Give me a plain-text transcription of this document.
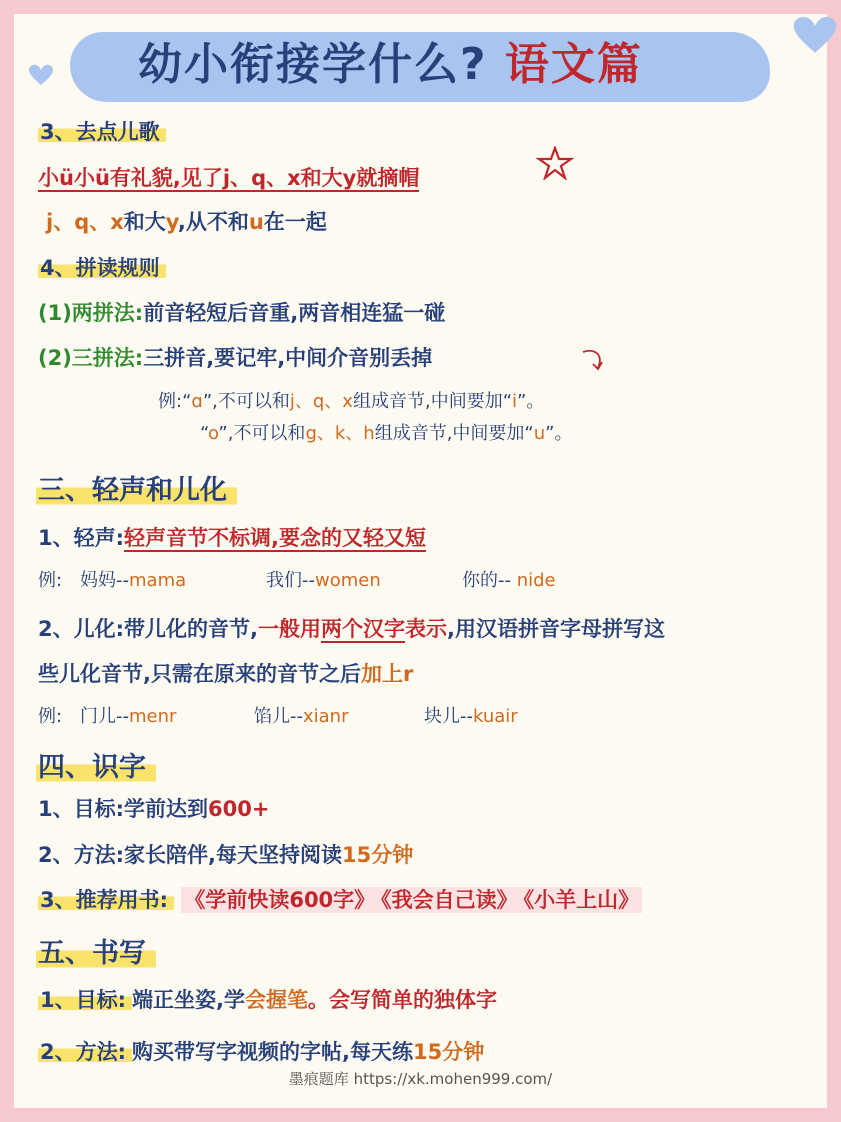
幼小衔接学什么? 语文篇
3、去点儿歌
小ü小ü有礼貌,见了j、q、x和大y就摘帽
j、q、x和大y,从不和u在一起
4、拼读规则
(1)两拼法:前音轻短后音重,两音相连猛一碰
(2)三拼法:三拼音,要记牢,中间介音别丢掉
例:“ɑ”,不可以和j、q、x组成音节,中间要加“i”。
“o”,不可以和g、k、h组成音节,中间要加“u”。
三、轻声和儿化
1、轻声:轻声音节不标调,要念的又轻又短
例: 妈妈--mama	我们--women	你的-- nide
2、儿化:带儿化的音节,一般用两个汉字表示,用汉语拼音字母拼写这
些儿化音节,只需在原来的音节之后加上r
例: 门儿--menr	馅儿--xianr	块儿--kuair
四、识字
1、目标:学前达到600+
2、方法:家长陪伴,每天坚持阅读15分钟
3、推荐用书: 《学前快读600字》 《我会自己读》 《小羊上山》
五、书写
1、目标: 端正坐姿,学会握笔。会写简单的独体字
2、方法: 购买带写字视频的字帖,每天练15分钟
墨痕题库 https://xk.mohen999.com/
